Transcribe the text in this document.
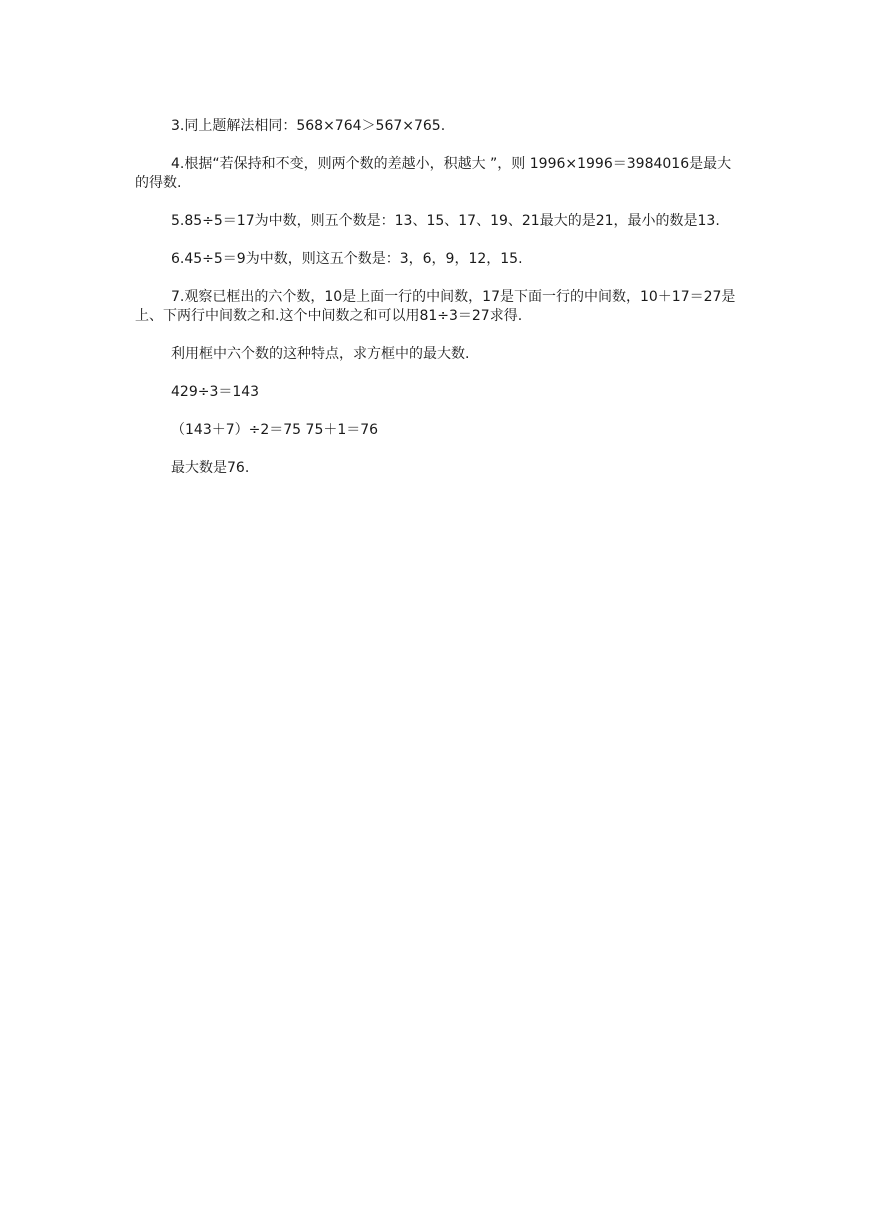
3.同上题解法相同：568×764＞567×765.

4.根据“若保持和不变，则两个数的差越小，积越大 ”，则 1996×1996＝3984016是最大的得数.

5.85÷5＝17为中数，则五个数是：13、15、17、19、21最大的是21，最小的数是13.

6.45÷5＝9为中数，则这五个数是：3，6，9，12，15.

7.观察已框出的六个数，10是上面一行的中间数，17是下面一行的中间数，10＋17＝27是上、下两行中间数之和.这个中间数之和可以用81÷3＝27求得.

利用框中六个数的这种特点，求方框中的最大数.

429÷3＝143

（143＋7）÷2＝75 75＋1＝76

最大数是76.
